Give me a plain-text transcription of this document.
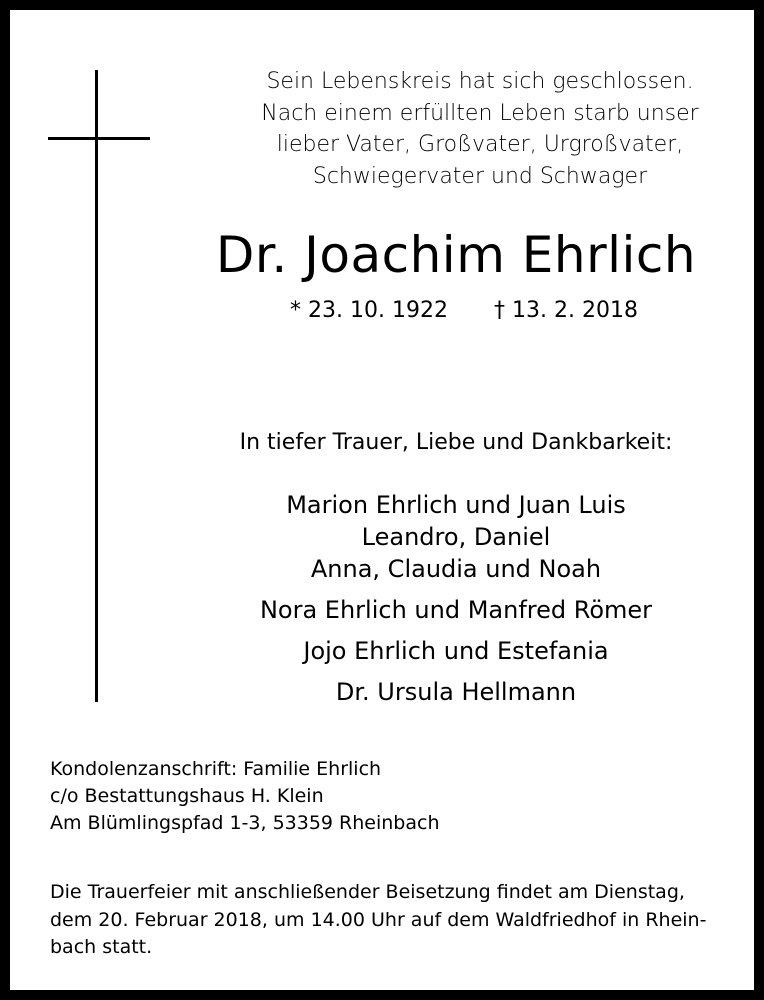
Sein Lebenskreis hat sich geschlossen.
Nach einem erfüllten Leben starb unser
lieber Vater, Großvater, Urgroßvater,
Schwiegervater und Schwager
Dr. Joachim Ehrlich
* 23. 10. 1922 † 13. 2. 2018
In tiefer Trauer, Liebe und Dankbarkeit:
Marion Ehrlich und Juan Luis
Leandro, Daniel
Anna, Claudia und Noah
Nora Ehrlich und Manfred Römer
Jojo Ehrlich und Estefania
Dr. Ursula Hellmann
Kondolenzanschrift: Familie Ehrlich
c/o Bestattungshaus H. Klein
Am Blümlingspfad 1-3, 53359 Rheinbach
Die Trauerfeier mit anschließender Beisetzung findet am Dienstag,
dem 20. Februar 2018, um 14.00 Uhr auf dem Waldfriedhof in Rhein-
bach statt.
